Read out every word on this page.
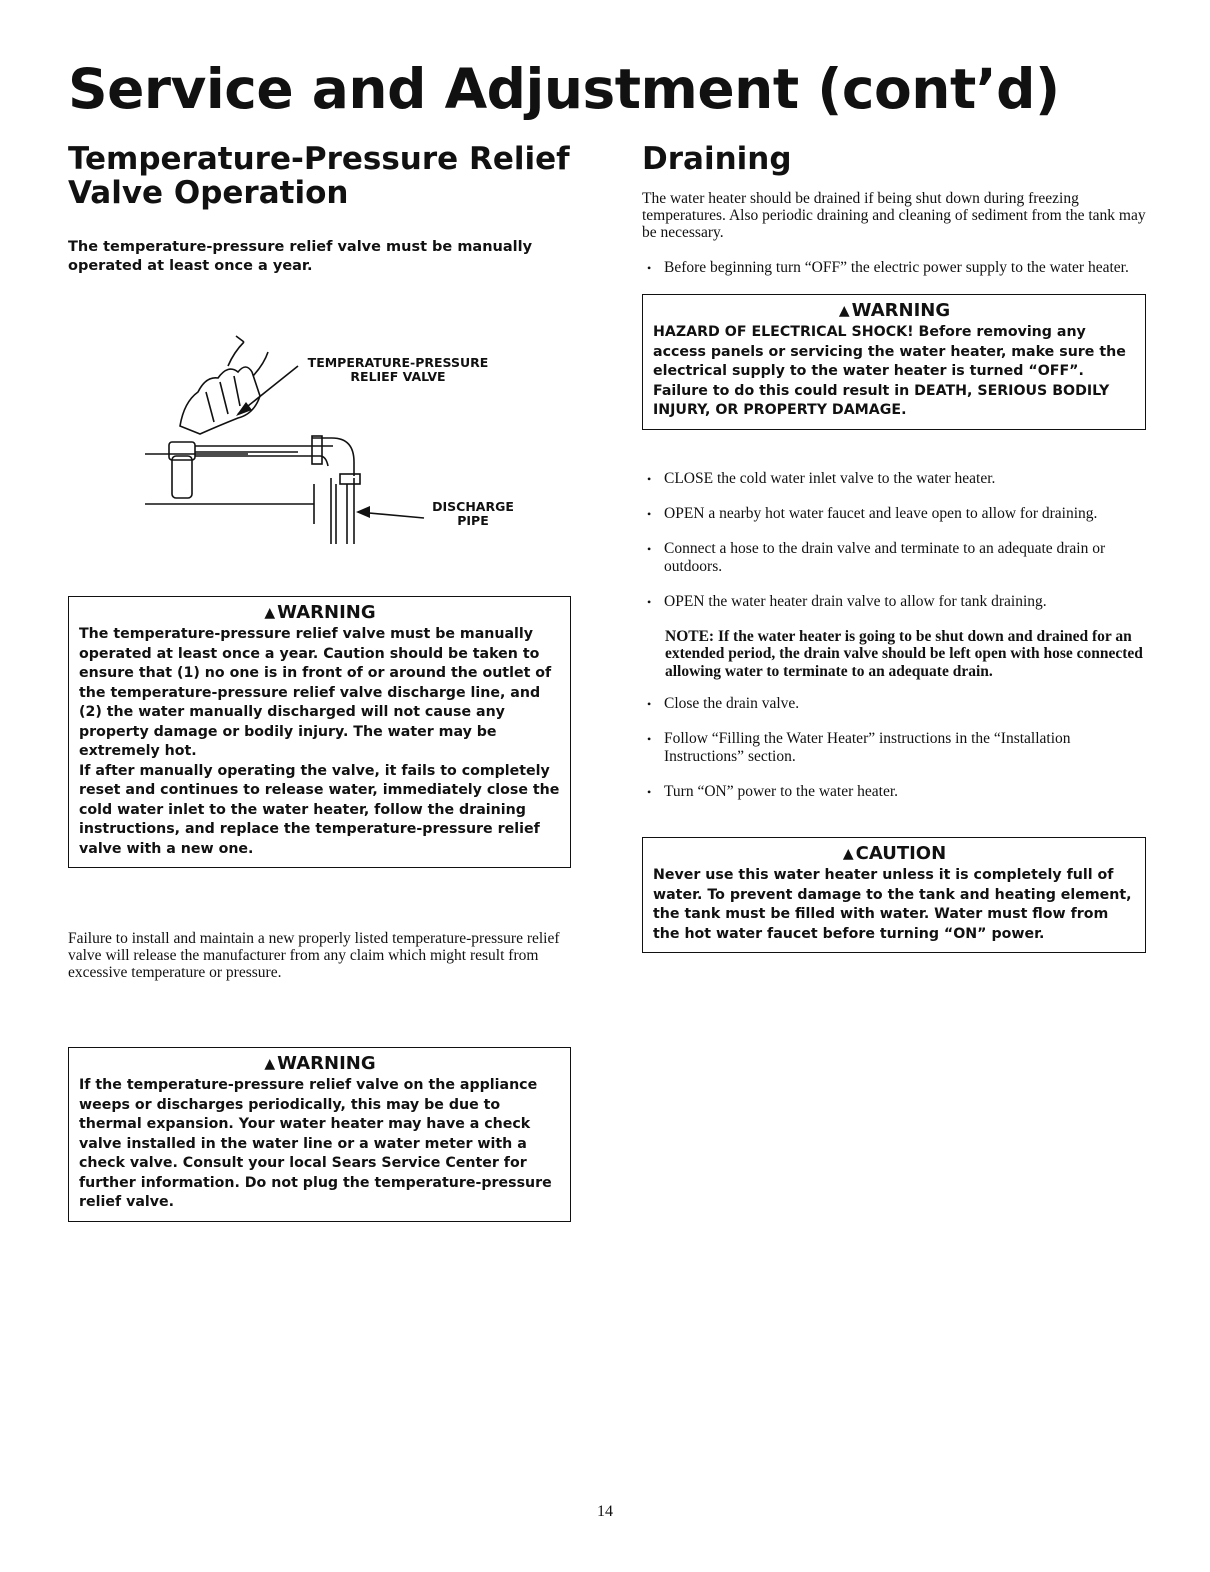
Service and Adjustment (cont’d)
Temperature-Pressure Relief Valve Operation

The temperature-pressure relief valve must be manually operated at least once a year.

TEMPERATURE-PRESSURE
RELIEF VALVE
DISCHARGE
PIPE
▲ WARNING

The temperature-pressure relief valve must be manually operated at least once a year. Caution should be taken to ensure that (1) no one is in front of or around the outlet of the temperature-pressure relief valve discharge line, and (2) the water manually discharged will not cause any property damage or bodily injury. The water may be extremely hot.

If after manually operating the valve, it fails to completely reset and continues to release water, immediately close the cold water inlet to the water heater, follow the draining instructions, and replace the temperature-pressure relief valve with a new one.

Failure to install and maintain a new properly listed temperature-pressure relief valve will release the manufacturer from any claim which might result from excessive temperature or pressure.

▲ WARNING
If the temperature-pressure relief valve on the appliance weeps or discharges periodically, this may be due to thermal expansion. Your water heater may have a check valve installed in the water line or a water meter with a check valve. Consult your local Sears Service Center for further information. Do not plug the temperature-pressure relief valve.
Draining

The water heater should be drained if being shut down during freezing temperatures. Also periodic draining and cleaning of sediment from the tank may be necessary.

• Before beginning turn “OFF” the electric power supply to the water heater.
▲ WARNING
HAZARD OF ELECTRICAL SHOCK! Before removing any access panels or servicing the water heater, make sure the electrical supply to the water heater is turned “OFF”. Failure to do this could result in DEATH, SERIOUS BODILY INJURY, OR PROPERTY DAMAGE.
• CLOSE the cold water inlet valve to the water heater.
• OPEN a nearby hot water faucet and leave open to allow for draining.
• Connect a hose to the drain valve and terminate to an adequate drain or outdoors.
• OPEN the water heater drain valve to allow for tank draining.

NOTE: If the water heater is going to be shut down and drained for an extended period, the drain valve should be left open with hose connected allowing water to terminate to an adequate drain.

• Close the drain valve.
• Follow “Filling the Water Heater” instructions in the “Installation Instructions” section.
• Turn “ON” power to the water heater.
▲ CAUTION
Never use this water heater unless it is completely full of water. To prevent damage to the tank and heating element, the tank must be filled with water. Water must flow from the hot water faucet before turning “ON” power.
14
